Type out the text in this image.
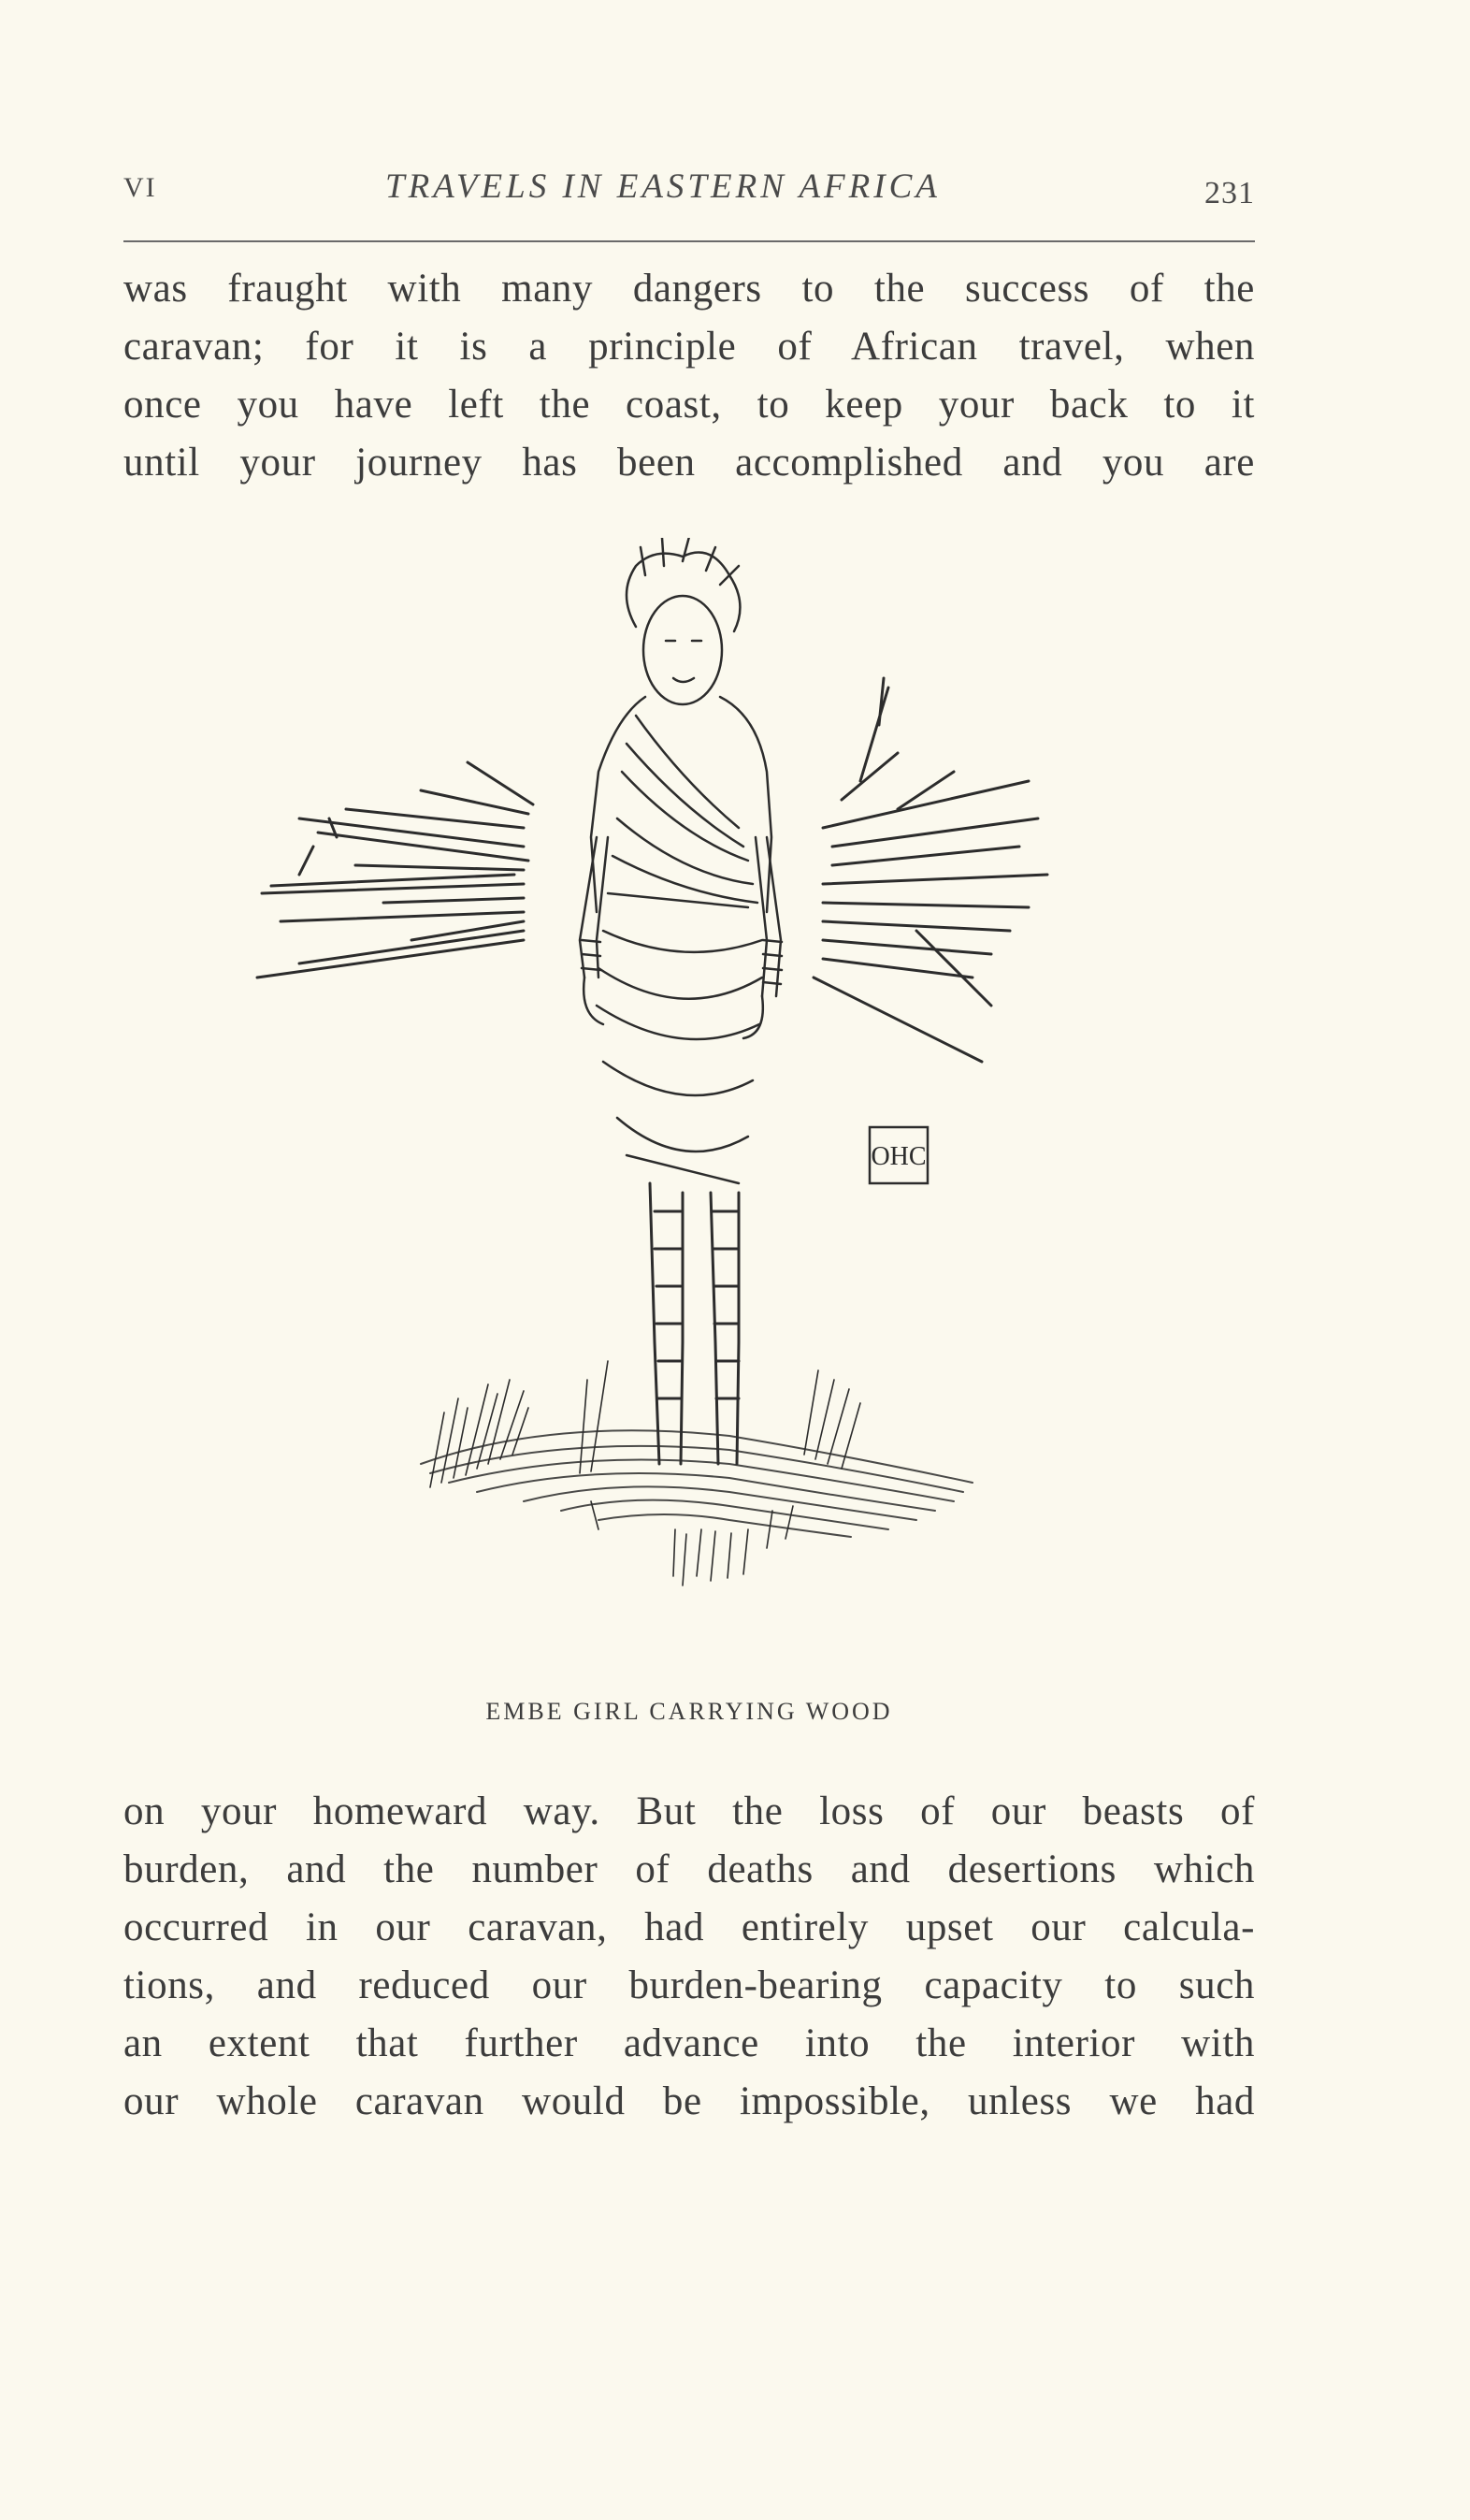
VI	TRAVELS IN EASTERN AFRICA	231
was fraught with many dangers to the success of the
caravan; for it is a principle of African travel, when
once you have left the coast, to keep your back to it
until your journey has been accomplished and you are
OHC
EMBE GIRL CARRYING WOOD
on your homeward way. But the loss of our beasts of
burden, and the number of deaths and desertions which
occurred in our caravan, had entirely upset our calcula-
tions, and reduced our burden-bearing capacity to such
an extent that further advance into the interior with
our whole caravan would be impossible, unless we had
